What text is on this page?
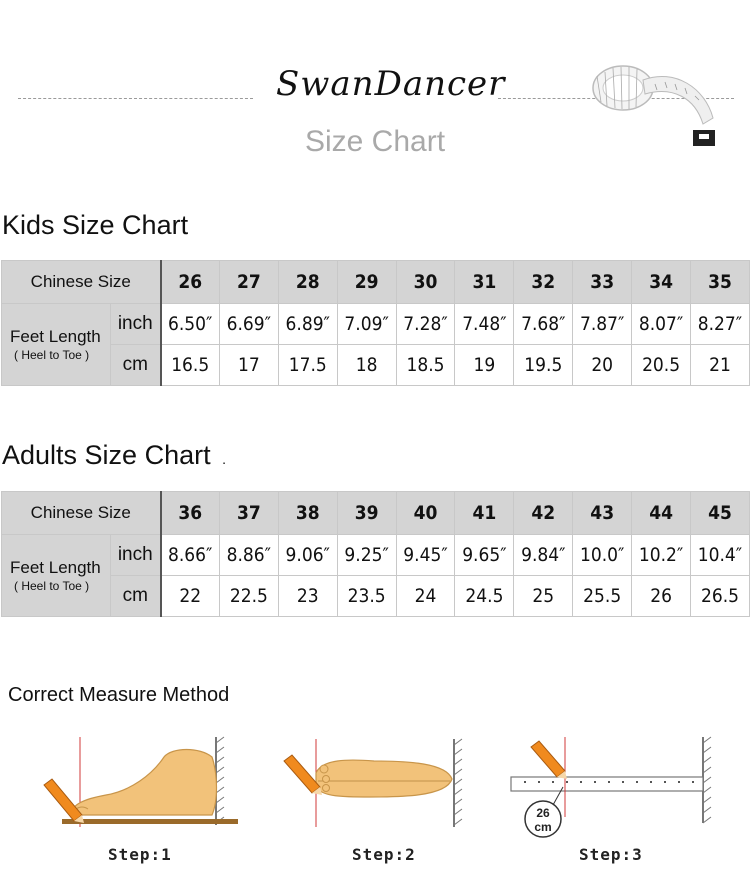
SwanDancer
Size Chart
Kids Size Chart
Chinese Size		26	27	28	29	30	31	32	33	34	35

Feet Length
( Heel to Toe )	inch	6.50″	6.69″	6.89″	7.09″	7.28″	7.48″	7.68″	7.87″	8.07″	8.27″
	cm	16.5	17	17.5	18	18.5	19	19.5	20	20.5	21
Adults Size Chart .
Chinese Size		36	37	38	39	40	41	42	43	44	45

Feet Length
( Heel to Toe )	inch	8.66″	8.86″	9.06″	9.25″	9.45″	9.65″	9.84″	10.0″	10.2″	10.4″
	cm	22	22.5	23	23.5	24	24.5	25	25.5	26	26.5
Correct Measure Method
26
cm
Step:1	Step:2	Step:3
